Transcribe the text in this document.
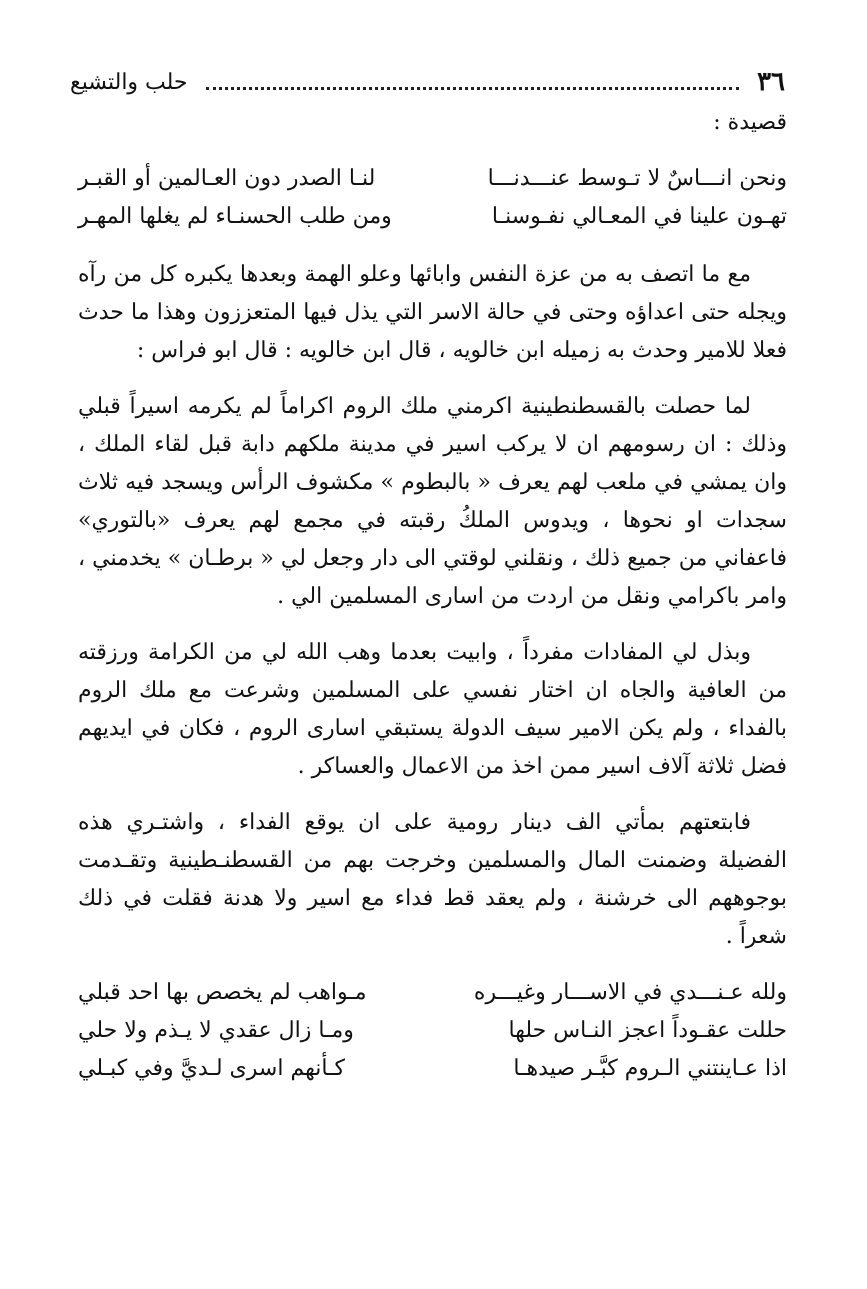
٣٦
حلب والتشيع
قصيدة :
ونحن انـــاسٌ لا تـوسط عنـــدنـــا
لنـا الصدر دون العـالمين أو القبـر
تهـون علينا في المعـالي نفـوسنـا
ومن طلب الحسنـاء لم يغلها المهـر

مع ما اتصف به من عزة النفس وابائها وعلو الهمة وبعدها يكبره كل من رآه ويجله حتى اعداؤه وحتى في حالة الاسر التي يذل فيها المتعززون وهذا ما حدث فعلا للامير وحدث به زميله ابن خالويه ، قال ابن خالويه : قال ابو فراس :

لما حصلت بالقسطنطينية اكرمني ملك الروم اكراماً لم يكرمه اسيراً قبلي وذلك : ان رسومهم ان لا يركب اسير في مدينة ملكهم دابة قبل لقاء الملك ، وان يمشي في ملعب لهم يعرف « بالبطوم » مكشوف الرأس ويسجد فيه ثلاث سجدات او نحوها ، ويدوس الملكُ رقبته في مجمع لهم يعرف «بالتوري» فاعفاني من جميع ذلك ، ونقلني لوقتي الى دار وجعل لي « برطـان » يخدمني ، وامر باكرامي ونقل من اردت من اسارى المسلمين الي .

وبذل لي المفادات مفرداً ، وابيت بعدما وهب الله لي من الكرامة ورزقته من العافية والجاه ان اختار نفسي على المسلمين وشرعت مع ملك الروم بالفداء ، ولم يكن الامير سيف الدولة يستبقي اسارى الروم ، فكان في ايديهم فضل ثلاثة آلاف اسير ممن اخذ من الاعمال والعساكر .

فابتعتهم بمأتي الف دينار رومية على ان يوقع الفداء ، واشتـري هذه الفضيلة وضمنت المال والمسلمين وخرجت بهم من القسطنـطينية وتقـدمت بوجوههم الى خرشنة ، ولم يعقد قط فداء مع اسير ولا هدنة فقلت في ذلك شعراً .

ولله عـنـــدي في الاســـار وغيـــره
مـواهب لم يخصص بها احد قبلي
حللت عقـوداً اعجز النـاس حلها
ومـا زال عقدي لا يـذم ولا حلي
اذا عـاينتني الـروم كبَّـر صيدهـا
كـأنهم اسرى لـديَّ وفي كبـلي
